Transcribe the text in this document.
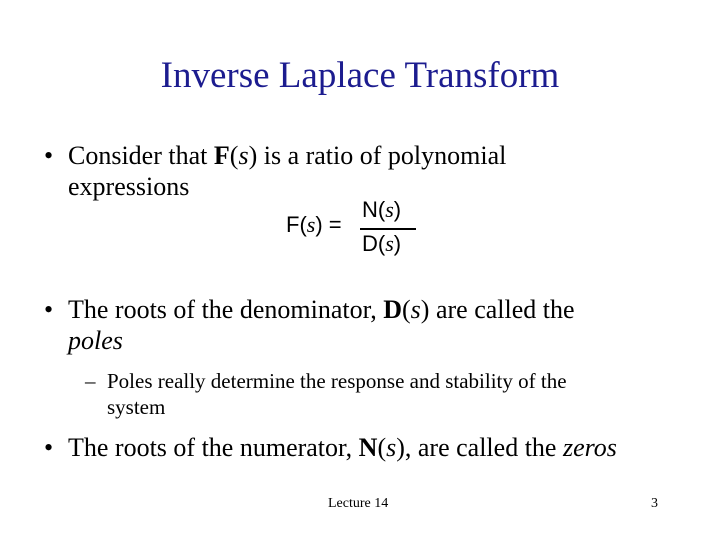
Inverse Laplace Transform
• Consider that F(s) is a ratio of polynomial
expressions
F(s) =
N(s)
D(s)
• The roots of the denominator, D(s) are called the
poles
– Poles really determine the response and stability of the
system
• The roots of the numerator, N(s), are called the zeros
Lecture 14	3
